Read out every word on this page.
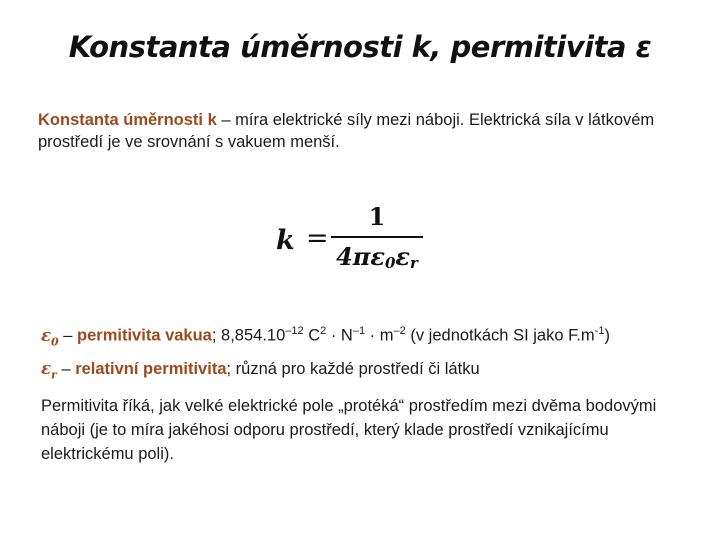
Konstanta úměrnosti k, permitivita ε

Konstanta úměrnosti k – míra elektrické síly mezi náboji. Elektrická síla v látkovém prostředí je ve srovnání s vakuem menší.

k =
1
$4\pi\varepsilon_0\varepsilon_r$
$\varepsilon_0$ – permitivita vakua; $8,854.10^{-12}$ $C^2 \cdot N^{-1} \cdot m^{-2}$ (v jednotkách SI jako $F.m^{-1}$)
$\varepsilon_r$ – relativní permitivita; různá pro každé prostředí či látku

Permitivita říká, jak velké elektrické pole „protéká“ prostředím mezi dvěma bodovými náboji (je to míra jakéhosi odporu prostředí, který klade prostředí vznikajícímu elektrickému poli).
